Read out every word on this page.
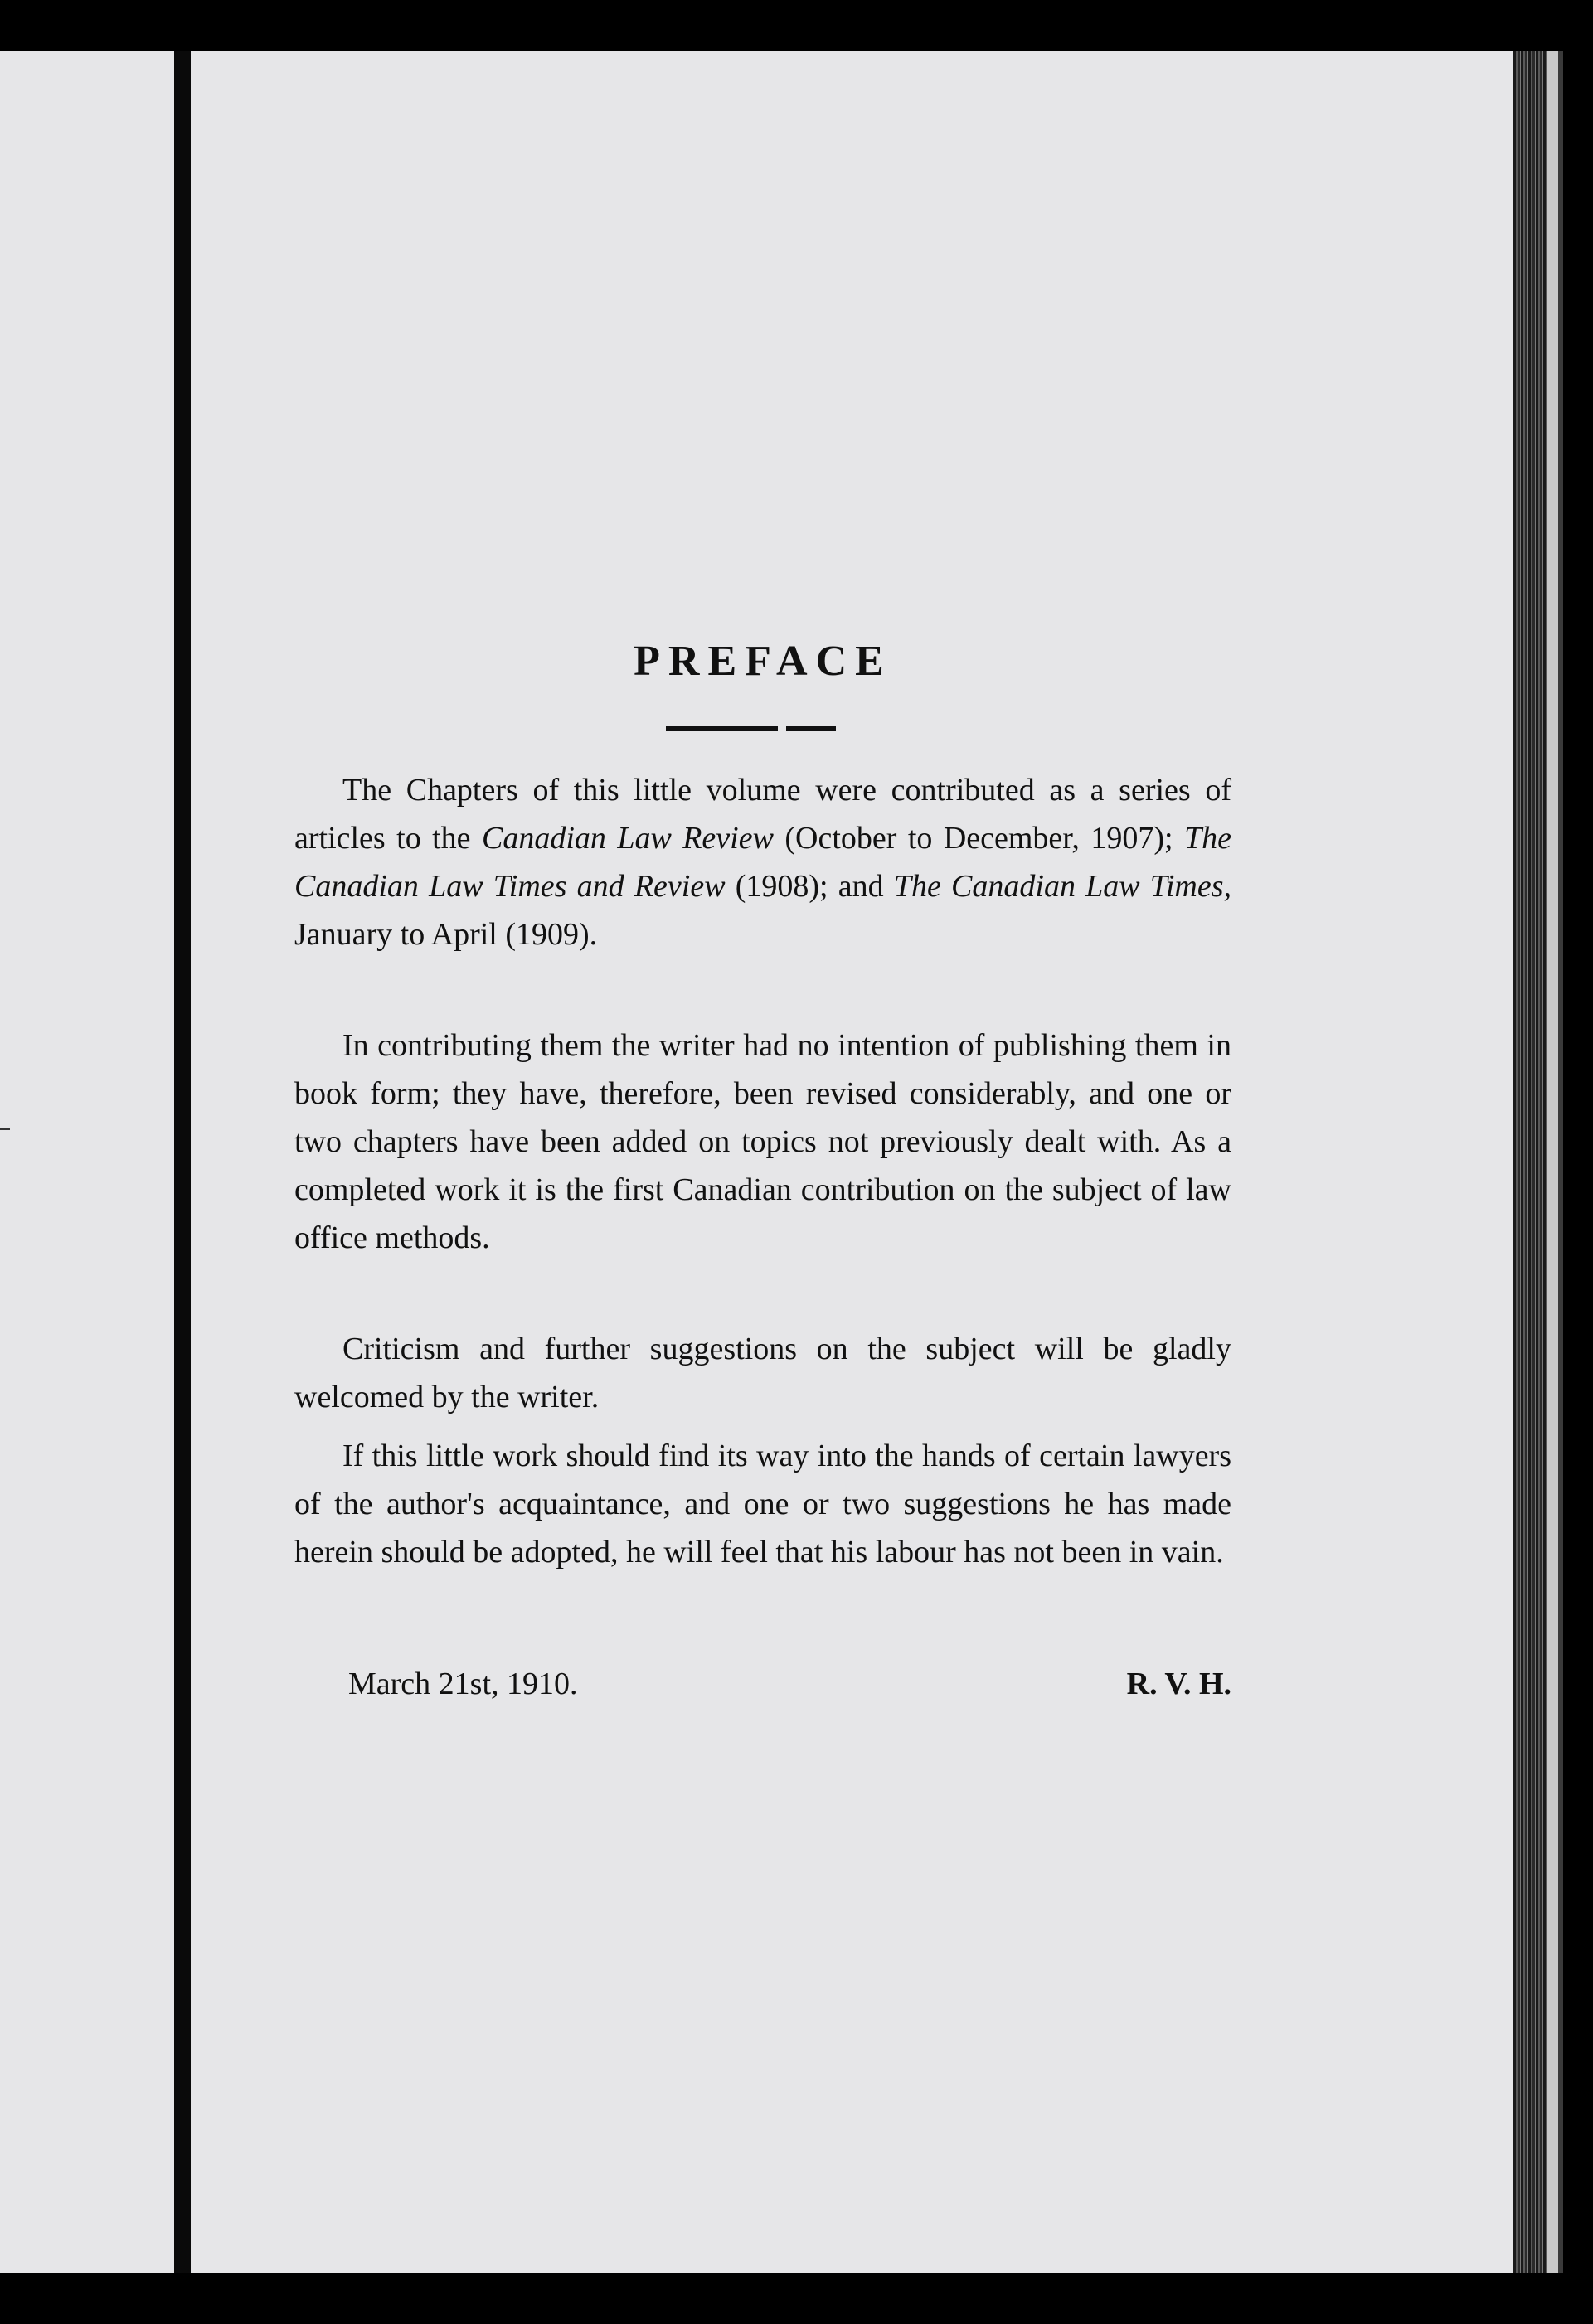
PREFACE
The Chapters of this little volume were contributed as a series of articles to the Canadian Law Review (October to December, 1907); The Canadian Law Times and Review (1908); and The Canadian Law Times, January to April (1909).

In contributing them the writer had no intention of publishing them in book form; they have, therefore, been revised considerably, and one or two chapters have been added on topics not previously dealt with. As a completed work it is the first Canadian contribution on the subject of law office methods.

Criticism and further suggestions on the subject will be gladly welcomed by the writer.

If this little work should find its way into the hands of certain lawyers of the author's acquaintance, and one or two suggestions he has made herein should be adopted, he will feel that his labour has not been in vain.

March 21st, 1910.	R. V. H.
